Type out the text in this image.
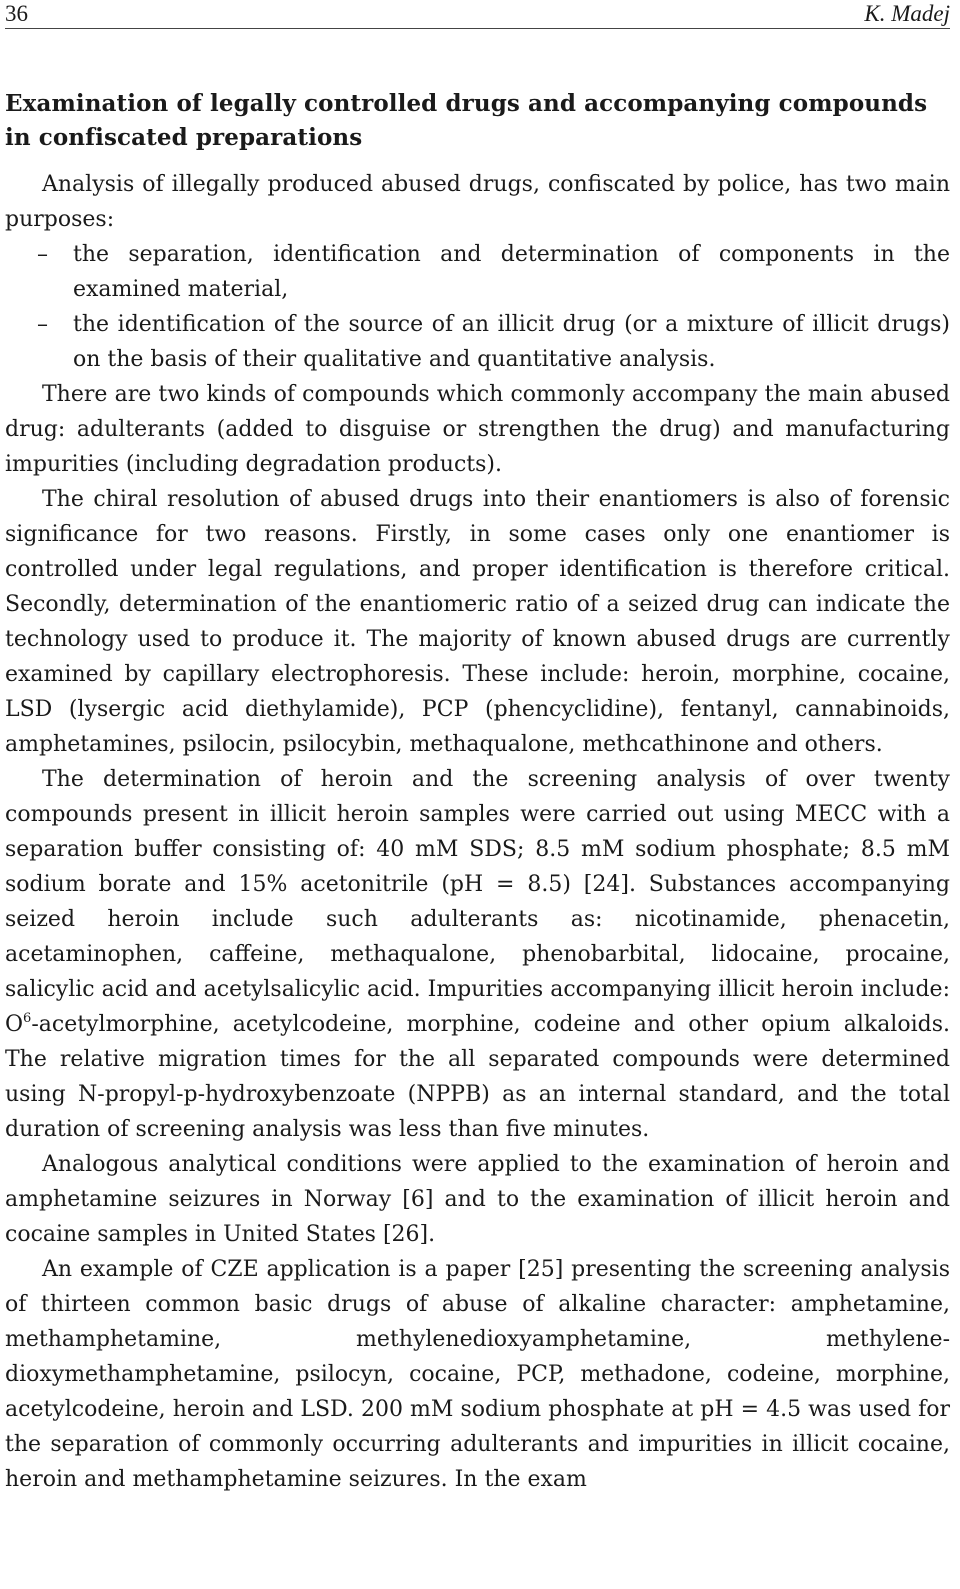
36	K. Madej
Examination of legally controlled drugs and accompanying compounds in confiscated preparations

Analysis of illegally produced abused drugs, confiscated by police, has two main purposes:

– the separation, identification and determination of components in the examined material,
– the identification of the source of an illicit drug (or a mixture of illicit drugs) on the basis of their qualitative and quantitative analysis.

There are two kinds of compounds which commonly accompany the main abused drug: adulterants (added to disguise or strengthen the drug) and manufacturing impurities (including degradation products).

The chiral resolution of abused drugs into their enantiomers is also of forensic significance for two reasons. Firstly, in some cases only one enantiomer is controlled under legal regulations, and proper identification is therefore critical. Secondly, determination of the enantiomeric ratio of a seized drug can indicate the technology used to produce it. The majority of known abused drugs are currently examined by capillary electrophoresis. These include: heroin, morphine, cocaine, LSD (lysergic acid diethylamide), PCP (phencyclidine), fentanyl, cannabinoids, amphetamines, psilocin, psilocybin, methaqualone, methcathinone and others.

The determination of heroin and the screening analysis of over twenty compounds present in illicit heroin samples were carried out using MECC with a separation buffer consisting of: 40 mM SDS; 8.5 mM sodium phosphate; 8.5 mM sodium borate and 15% acetonitrile (pH = 8.5) [24]. Substances accompanying seized heroin include such adulterants as: nicotinamide, phenacetin, acetaminophen, caffeine, methaqualone, phenobarbital, lidocaine, procaine, salicylic acid and acetylsalicylic acid. Impurities accompanying illicit heroin include: $O^6$-acetylmorphine, acetylcodeine, morphine, codeine and other opium alkaloids. The relative migration times for the all separated compounds were determined using N-propyl-p-hydroxybenzoate (NPPB) as an internal standard, and the total duration of screening analysis was less than five minutes.

Analogous analytical conditions were applied to the examination of heroin and amphetamine seizures in Norway [6] and to the examination of illicit heroin and cocaine samples in United States [26].

An example of CZE application is a paper [25] presenting the screening analysis of thirteen common basic drugs of abuse of alkaline character: amphetamine, methamphetamine, methylenedioxyamphetamine, methylenedioxymethamphetamine, psilocyn, cocaine, PCP, methadone, codeine, morphine, acetylcodeine, heroin and LSD. 200 mM sodium phosphate at pH = 4.5 was used for the separation of commonly occurring adulterants and impurities in illicit cocaine, heroin and methamphetamine seizures. In the exam
